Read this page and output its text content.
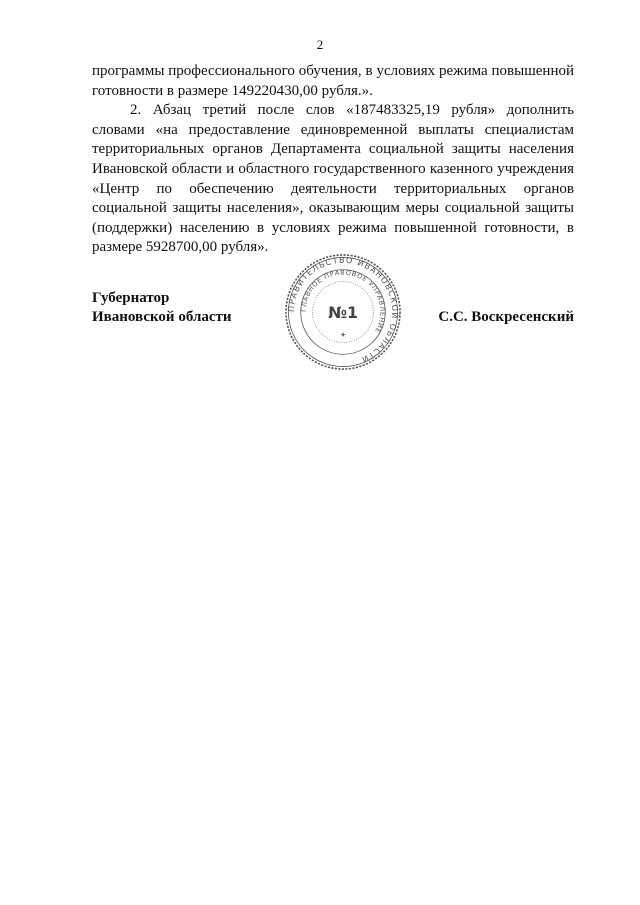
2

программы профессионального обучения, в условиях режима повышенной готовности в размере 149220430,00 рубля.».

2. Абзац третий после слов «187483325,19 рубля» дополнить словами «на предоставление единовременной выплаты специалистам территориальных органов Департамента социальной защиты населения Ивановской области и областного государственного казенного учреждения «Центр по обеспечению деятельности территориальных органов социальной защиты населения», оказывающим меры социальной защиты (поддержки) населению в условиях режима повышенной готовности, в размере 5928700,00 рубля».

Губернатор
Ивановской области
ПРАВИТЕЛЬСТВО ИВАНОВСКОЙ ОБЛАСТИ
ГЛАВНОЕ ПРАВОВОЕ УПРАВЛЕНИЕ
№1
✦
С.С. Воскресенский
